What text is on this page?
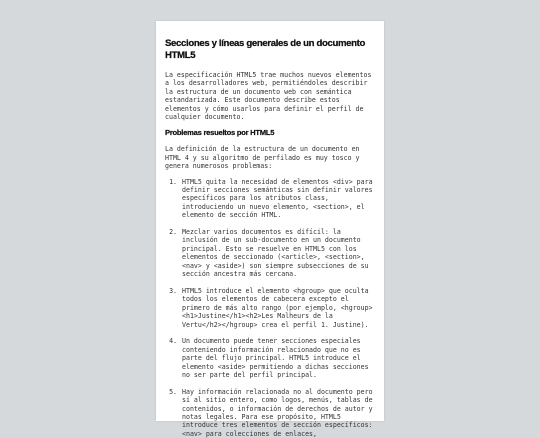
Secciones y líneas generales de un documento HTML5

La especificación HTML5 trae muchos nuevos elementos a los desarrolladores web, permitiéndoles describir la estructura de un documento web con semántica estandarizada. Este documento describe estos elementos y cómo usarlos para definir el perfil de cualquier documento.

Problemas resueltos por HTML5

La definición de la estructura de un documento en HTML 4 y su algoritmo de perfilado es muy tosco y genera numerosos problemas:

1. HTML5 quita la necesidad de elementos <div> para definir secciones semánticas sin definir valores específicos para los atributos class, introduciendo un nuevo elemento, <section>, el elemento de sección HTML.
2. Mezclar varios documentos es difícil: la inclusión de un sub-documento en un documento principal. Esto se resuelve en HTML5 con los elementos de seccionado (<article>, <section>, <nav> y <aside>) son siempre subsecciones de su sección ancestra más cercana.
3. HTML5 introduce el elemento <hgroup> que oculta todos los elementos de cabecera excepto el primero de más alto rango (por ejemplo, <hgroup><h1>Justine</h1><h2>Les Malheurs de la Vertu</h2></hgroup> crea el perfil 1. Justine).
4. Un documento puede tener secciones especiales conteniendo información relacionado que no es parte del flujo principal. HTML5 introduce el elemento <aside> permitiendo a dichas secciones no ser parte del perfil principal.
5. Hay información relacionada no al documento pero sí al sitio entero, como logos, menús, tablas de contenidos, o información de derechos de autor y notas legales. Para ese propósito, HTML5 introduce tres elementos de sección específicos: <nav> para colecciones de enlaces,
